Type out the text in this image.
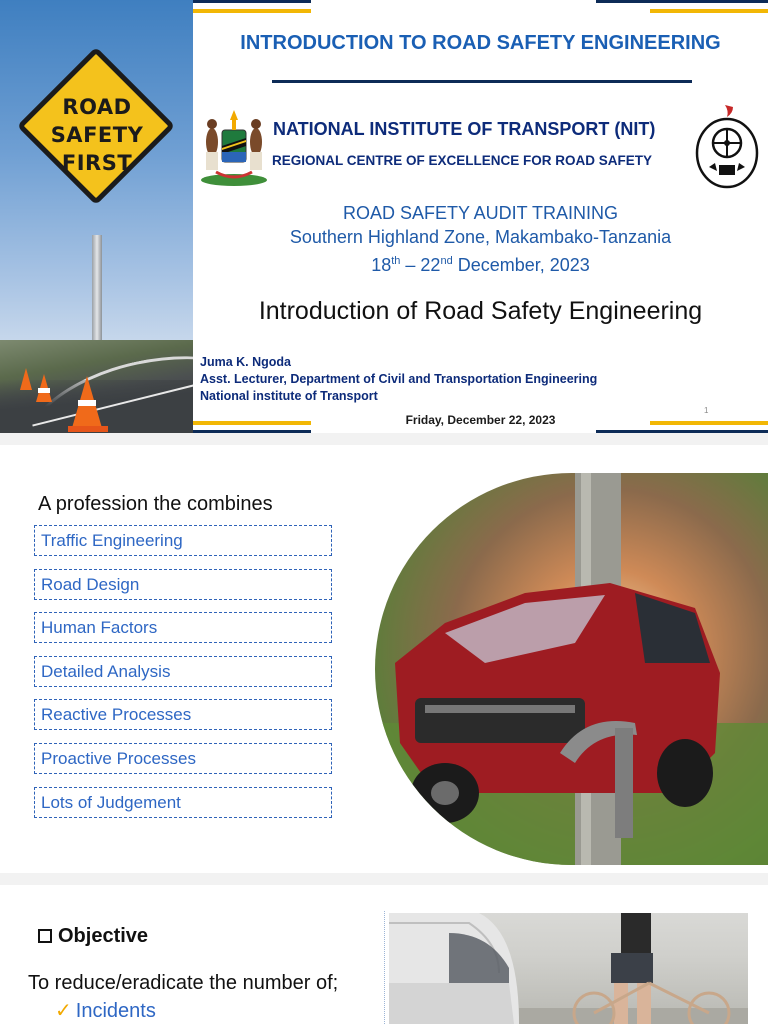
ROAD
SAFETY
FIRST
INTRODUCTION TO ROAD SAFETY ENGINEERING
NATIONAL INSTITUTE OF TRANSPORT (NIT)
REGIONAL CENTRE OF EXCELLENCE FOR ROAD SAFETY
ROAD SAFETY AUDIT TRAINING
Southern Highland Zone, Makambako-Tanzania
18th – 22nd December, 2023
Introduction of Road Safety Engineering
Juma K. Ngoda
Asst. Lecturer, Department of Civil and Transportation Engineering
National institute of Transport
Friday, December 22, 2023
1
A profession the combines
Traffic Engineering
Road Design
Human Factors
Detailed Analysis
Reactive Processes
Proactive Processes
Lots of Judgement
Objective
To reduce/eradicate the number of;
✓ Incidents
